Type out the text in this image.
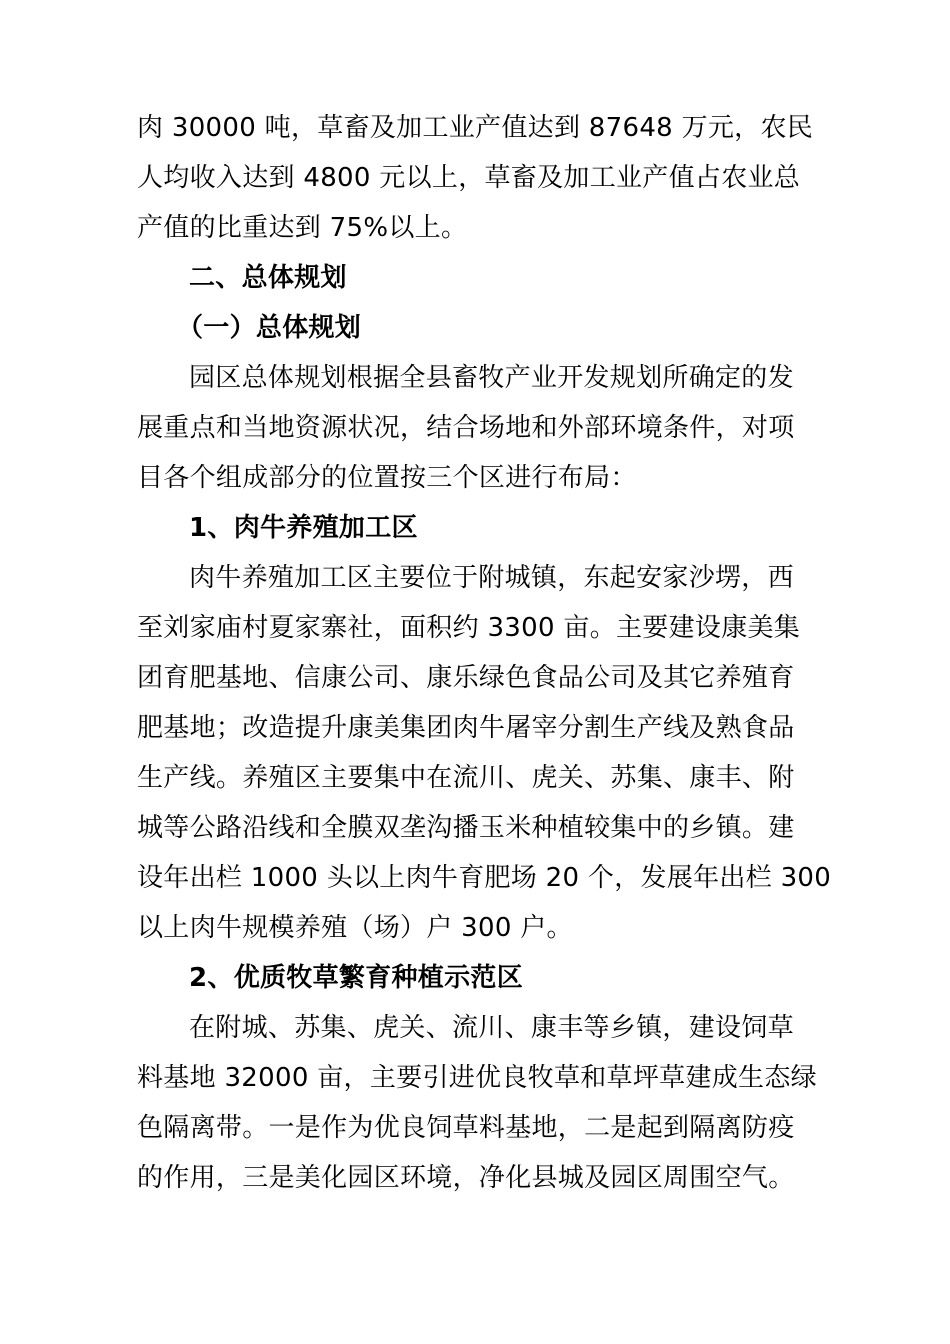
肉 30000 吨，草畜及加工业产值达到 87648 万元，农民
人均收入达到 4800 元以上，草畜及加工业产值占农业总
产值的比重达到 75%以上。
二、总体规划
（一）总体规划
园区总体规划根据全县畜牧产业开发规划所确定的发
展重点和当地资源状况，结合场地和外部环境条件，对项
目各个组成部分的位置按三个区进行布局：
1、肉牛养殖加工区
肉牛养殖加工区主要位于附城镇，东起安家沙塄，西
至刘家庙村夏家寨社，面积约 3300 亩。主要建设康美集
团育肥基地、信康公司、康乐绿色食品公司及其它养殖育
肥基地；改造提升康美集团肉牛屠宰分割生产线及熟食品
生产线。养殖区主要集中在流川、虎关、苏集、康丰、附
城等公路沿线和全膜双垄沟播玉米种植较集中的乡镇。建
设年出栏 1000 头以上肉牛育肥场 20 个，发展年出栏 300
以上肉牛规模养殖（场）户 300 户。
2、优质牧草繁育种植示范区
在附城、苏集、虎关、流川、康丰等乡镇，建设饲草
料基地 32000 亩，主要引进优良牧草和草坪草建成生态绿
色隔离带。一是作为优良饲草料基地，二是起到隔离防疫
的作用，三是美化园区环境，净化县城及园区周围空气。
